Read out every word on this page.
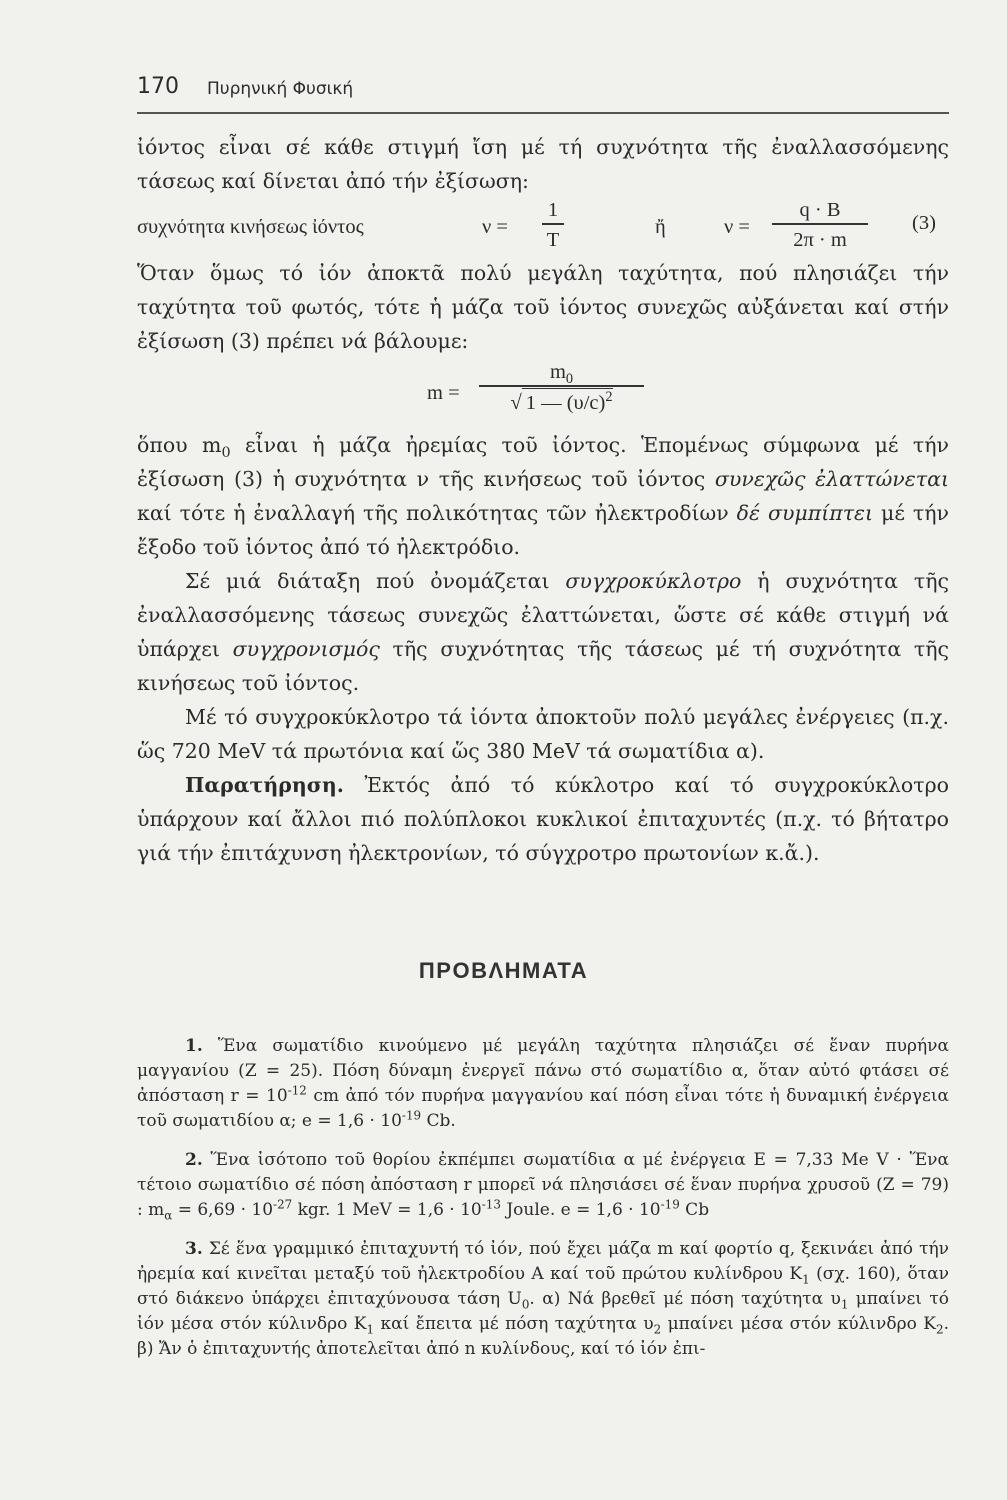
170 Πυρηνική Φυσική

ἰόντος εἶναι σέ κάθε στιγμή ἴση μέ τή συχνότητα τῆς ἐναλλασσόμενης τάσεως καί δίνεται ἀπό τήν ἐξίσωση:

συχνότητα κινήσεως ἰόντος	ν =
1
T
ἤ	ν =
q · B
2π · m
(3)

Ὅταν ὅμως τό ἰόν ἀποκτᾶ πολύ μεγάλη ταχύτητα, πού πλησιάζει τήν ταχύτητα τοῦ φωτός, τότε ἡ μάζα τοῦ ἰόντος συνεχῶς αὐξάνεται καί στήν ἐξίσωση (3) πρέπει νά βάλουμε:

m =
$m_0$
√ 1 — $(\upsilon/c)^2$

ὅπου $m_0$ εἶναι ἡ μάζα ἠρεμίας τοῦ ἰόντος. Ἑπομένως σύμφωνα μέ τήν ἐξίσωση (3) ἡ συχνότητα ν τῆς κινήσεως τοῦ ἰόντος συνεχῶς ἐλαττώνεται καί τότε ἡ ἐναλλαγή τῆς πολικότητας τῶν ἠλεκτροδίων δέ συμπίπτει μέ τήν ἔξοδο τοῦ ἰόντος ἀπό τό ἠλεκτρόδιο.

Σέ μιά διάταξη πού ὀνομάζεται συγχροκύκλοτρο ἡ συχνότητα τῆς ἐναλλασσόμενης τάσεως συνεχῶς ἐλαττώνεται, ὥστε σέ κάθε στιγμή νά ὑπάρχει συγχρονισμός τῆς συχνότητας τῆς τάσεως μέ τή συχνότητα τῆς κινήσεως τοῦ ἰόντος.

Μέ τό συγχροκύκλοτρο τά ἰόντα ἀποκτοῦν πολύ μεγάλες ἐνέργειες (π.χ. ὥς 720 MeV τά πρωτόνια καί ὥς 380 MeV τά σωματίδια α).

Παρατήρηση. Ἐκτός ἀπό τό κύκλοτρο καί τό συγχροκύκλοτρο ὑπάρχουν καί ἄλλοι πιό πολύπλοκοι κυκλικοί ἐπιταχυντές (π.χ. τό βήτατρο γιά τήν ἐπιτάχυνση ἠλεκτρονίων, τό σύγχροτρο πρωτονίων κ.ἄ.).

ΠΡΟΒΛΗΜΑΤΑ

1. Ἕνα σωματίδιο κινούμενο μέ μεγάλη ταχύτητα πλησιάζει σέ ἕναν πυρήνα μαγγανίου (Z = 25). Πόση δύναμη ἐνεργεῖ πάνω στό σωματίδιο α, ὅταν αὐτό φτάσει σέ ἀπόσταση $r = 10^{-12}$ cm ἀπό τόν πυρήνα μαγγανίου καί πόση εἶναι τότε ἡ δυναμική ἐνέργεια τοῦ σωματιδίου α; $e = 1,6 \cdot 10^{-19}$ Cb.

2. Ἕνα ἰσότοπο τοῦ θορίου ἐκπέμπει σωματίδια α μέ ἐνέργεια E = 7,33 Me V · Ἕνα τέτοιο σωματίδιο σέ πόση ἀπόσταση r μπορεῖ νά πλησιάσει σέ ἕναν πυρήνα χρυσοῦ (Z = 79) : $m_\alpha = 6,69 \cdot 10^{-27}$ kgr. 1 MeV = $1,6 \cdot 10^{-13}$ Joule. $e = 1,6 \cdot 10^{-19}$ Cb

3. Σέ ἕνα γραμμικό ἐπιταχυντή τό ἰόν, πού ἔχει μάζα m καί φορτίο q, ξεκινάει ἀπό τήν ἠρεμία καί κινεῖται μεταξύ τοῦ ἠλεκτροδίου A καί τοῦ πρώτου κυλίνδρου $K_1$ (σχ. 160), ὅταν στό διάκενο ὑπάρχει ἐπιταχύνουσα τάση $U_0$. α) Νά βρεθεῖ μέ πόση ταχύτητα $\upsilon_1$ μπαίνει τό ἰόν μέσα στόν κύλινδρο $K_1$ καί ἔπειτα μέ πόση ταχύτητα $\upsilon_2$ μπαίνει μέσα στόν κύλινδρο $K_2$. β) Ἄν ὁ ἐπιταχυντής ἀποτελεῖται ἀπό n κυλίνδους, καί τό ἰόν ἐπι-
